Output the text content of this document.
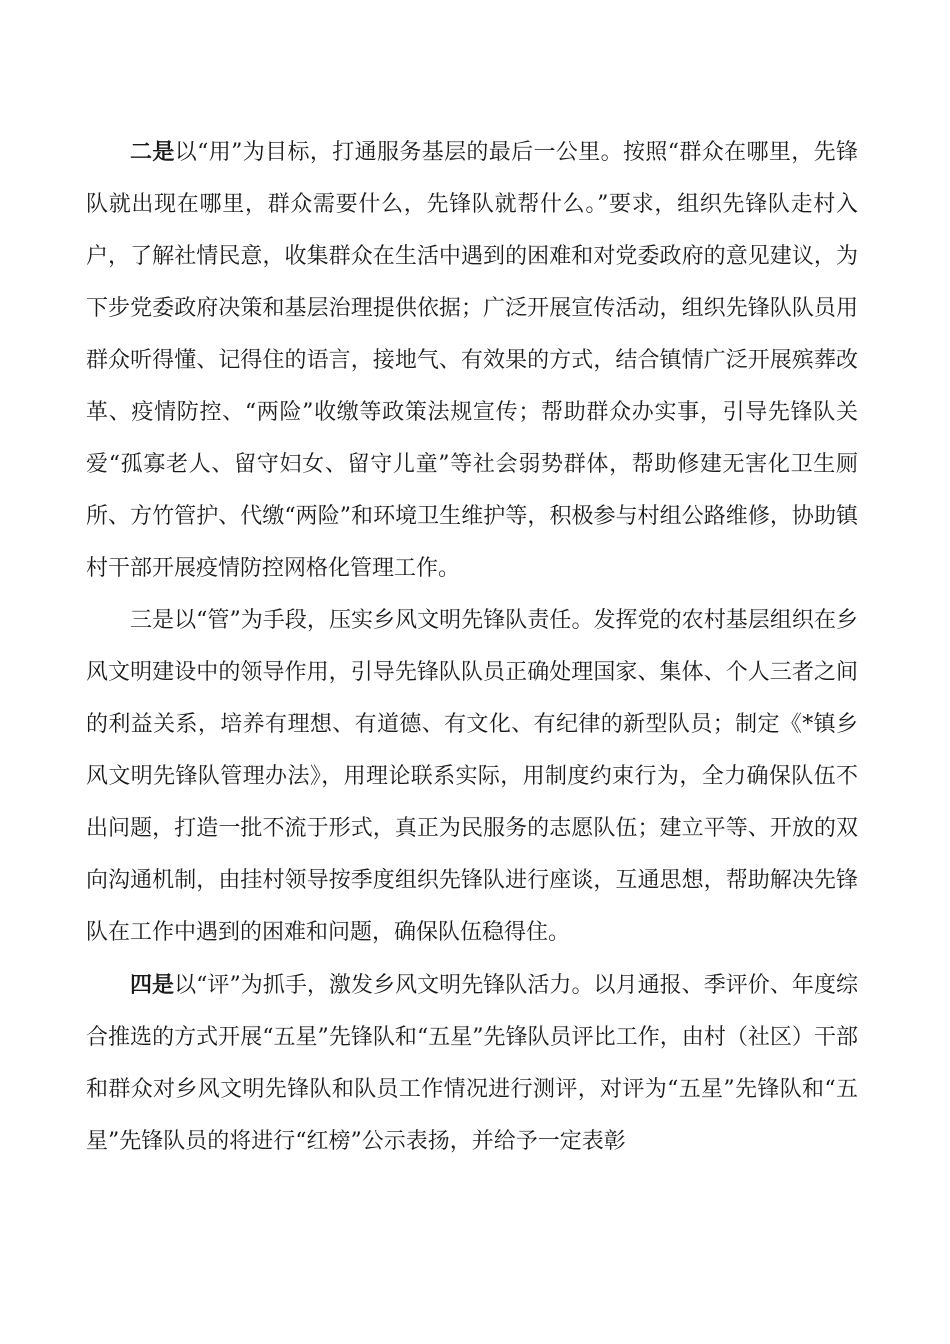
二是以“用”为目标，打通服务基层的最后一公里。按照“群众在哪里，先锋队就出现在哪里，群众需要什么，先锋队就帮什么。”要求，组织先锋队走村入户，了解社情民意，收集群众在生活中遇到的困难和对党委政府的意见建议，为下步党委政府决策和基层治理提供依据；广泛开展宣传活动，组织先锋队队员用群众听得懂、记得住的语言，接地气、有效果的方式，结合镇情广泛开展殡葬改革、疫情防控、“两险”收缴等政策法规宣传；帮助群众办实事，引导先锋队关爱“孤寡老人、留守妇女、留守儿童”等社会弱势群体，帮助修建无害化卫生厕所、方竹管护、代缴“两险”和环境卫生维护等，积极参与村组公路维修，协助镇村干部开展疫情防控网格化管理工作。

三是以“管”为手段，压实乡风文明先锋队责任。发挥党的农村基层组织在乡风文明建设中的领导作用，引导先锋队队员正确处理国家、集体、个人三者之间的利益关系，培养有理想、有道德、有文化、有纪律的新型队员；制定《*镇乡风文明先锋队管理办法》，用理论联系实际，用制度约束行为，全力确保队伍不出问题，打造一批不流于形式，真正为民服务的志愿队伍；建立平等、开放的双向沟通机制，由挂村领导按季度组织先锋队进行座谈，互通思想，帮助解决先锋队在工作中遇到的困难和问题，确保队伍稳得住。

四是以“评”为抓手，激发乡风文明先锋队活力。以月通报、季评价、年度综合推选的方式开展“五星”先锋队和“五星”先锋队员评比工作，由村（社区）干部和群众对乡风文明先锋队和队员工作情况进行测评，对评为“五星”先锋队和“五星”先锋队员的将进行“红榜”公示表扬，并给予一定表彰
